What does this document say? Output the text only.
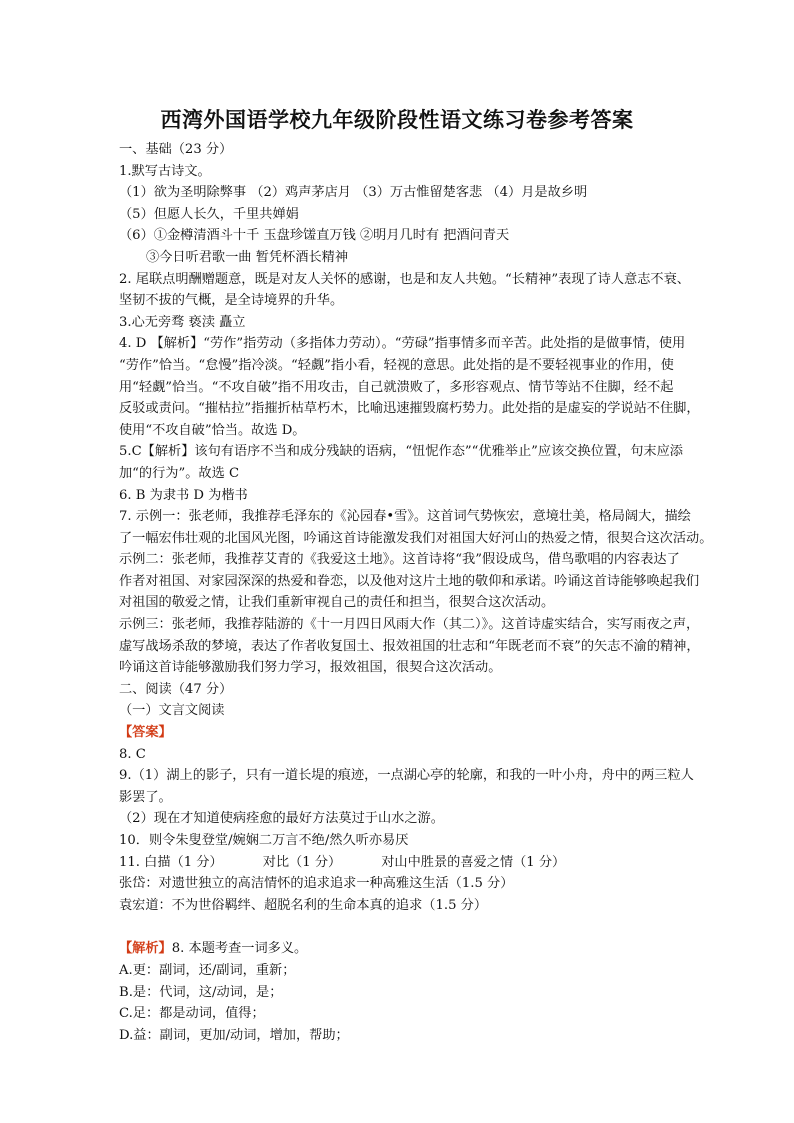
西湾外国语学校九年级阶段性语文练习卷参考答案
一、基础（23 分）
1.默写古诗文。
（1）欲为圣明除弊事 （2）鸡声茅店月 （3）万古惟留楚客悲 （4）月是故乡明
（5）但愿人长久，千里共婵娟
（6）①金樽清酒斗十千 玉盘珍馐直万钱 ②明月几时有 把酒问青天
③今日听君歌一曲 暂凭杯酒长精神
2. 尾联点明酬赠题意，既是对友人关怀的感谢，也是和友人共勉。“长精神”表现了诗人意志不衰、
坚韧不拔的气概，是全诗境界的升华。
3.心无旁骛 亵渎 矗立
4. D 【解析】“劳作”指劳动（多指体力劳动）。“劳碌”指事情多而辛苦。此处指的是做事情，使用
“劳作”恰当。“怠慢”指冷淡。“轻觑”指小看，轻视的意思。此处指的是不要轻视事业的作用，使
用“轻觑”恰当。“不攻自破”指不用攻击，自己就溃败了，多形容观点、情节等站不住脚，经不起
反驳或责问。“摧枯拉”指摧折枯草朽木，比喻迅速摧毁腐朽势力。此处指的是虚妄的学说站不住脚，
使用“不攻自破”恰当。故选 D。
5.C【解析】该句有语序不当和成分残缺的语病，“忸怩作态”“优雅举止”应该交换位置，句末应添
加“的行为”。故选 C
6. B 为隶书 D 为楷书
7. 示例一：张老师，我推荐毛泽东的《沁园春•雪》。这首词气势恢宏，意境壮美，格局阔大，描绘
了一幅宏伟壮观的北国风光图，吟诵这首诗能激发我们对祖国大好河山的热爱之情，很契合这次活动。
示例二：张老师，我推荐艾青的《我爱这土地》。这首诗将“我”假设成鸟，借鸟歌唱的内容表达了
作者对祖国、对家园深深的热爱和眷恋，以及他对这片土地的敬仰和承诺。吟诵这首诗能够唤起我们
对祖国的敬爱之情，让我们重新审视自己的责任和担当，很契合这次活动。
示例三：张老师，我推荐陆游的《十一月四日风雨大作（其二）》。这首诗虚实结合，实写雨夜之声，
虚写战场杀敌的梦境，表达了作者收复国土、报效祖国的壮志和“年既老而不衰”的矢志不渝的精神，
吟诵这首诗能够激励我们努力学习，报效祖国，很契合这次活动。
二、阅读（47 分）
（一）文言文阅读
【答案】
8. C
9.（1）湖上的影子，只有一道长堤的痕迹，一点湖心亭的轮廓，和我的一叶小舟，舟中的两三粒人
影罢了。
（2）现在才知道使病痊愈的最好方法莫过于山水之游。
10．则令朱叟登堂/婉娴二万言不绝/然久听亦易厌
11. 白描（1 分）	对比（1 分）	对山中胜景的喜爱之情（1 分）
张岱：对遗世独立的高洁情怀的追求追求一种高雅这生活（1.5 分）
袁宏道：不为世俗羁绊、超脱名利的生命本真的追求（1.5 分）
【解析】8. 本题考查一词多义。
A.更：副词，还/副词，重新；
B.是：代词，这/动词，是；
C.足：都是动词，值得；
D.益：副词，更加/动词，增加，帮助；
